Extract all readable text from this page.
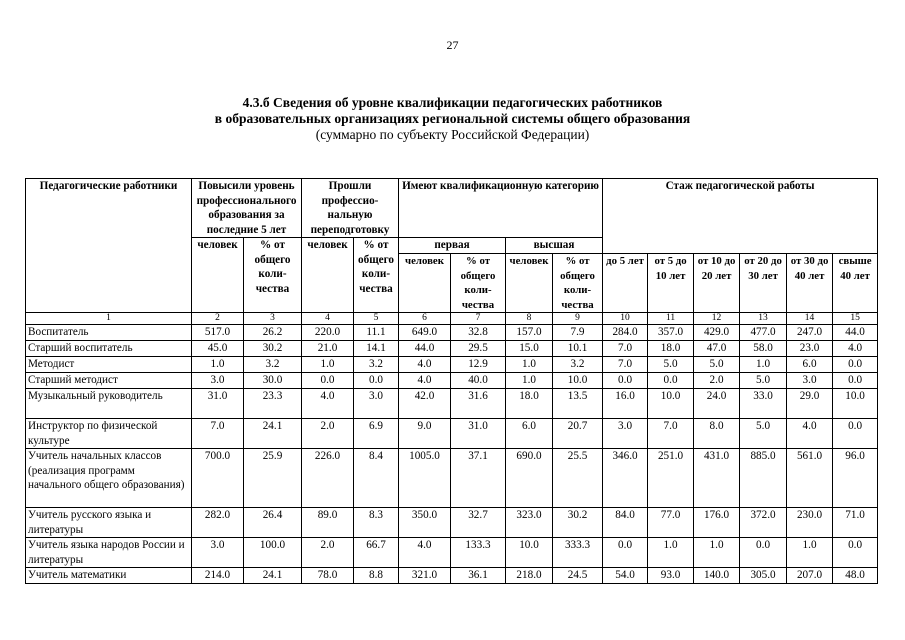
27
4.3.б Сведения об уровне квалификации педагогических работников
в образовательных организациях региональной системы общего образования
(суммарно по субъекту Российской Федерации)
Педагогические работники	Повысили уровень профессионального образования за последние 5 лет		Прошли профессио-нальную переподготовку		Имеют квалификационную категорию				Стаж педагогической работы					
	человек	% от общего коли-чества	человек	% от общего коли-чества	первая		высшая							
					человек	% от общего коли-чества	человек	% от общего коли-чества	до 5 лет	от 5 до 10 лет	от 10 до 20 лет	от 20 до 30 лет	от 30 до 40 лет	свыше 40 лет
1	2	3	4	5	6	7	8	9	10	11	12	13	14	15
Воспитатель	517.0	26.2	220.0	11.1	649.0	32.8	157.0	7.9	284.0	357.0	429.0	477.0	247.0	44.0
Старший воспитатель	45.0	30.2	21.0	14.1	44.0	29.5	15.0	10.1	7.0	18.0	47.0	58.0	23.0	4.0
Методист	1.0	3.2	1.0	3.2	4.0	12.9	1.0	3.2	7.0	5.0	5.0	1.0	6.0	0.0
Старший методист	3.0	30.0	0.0	0.0	4.0	40.0	1.0	10.0	0.0	0.0	2.0	5.0	3.0	0.0
Музыкальный руководитель	31.0	23.3	4.0	3.0	42.0	31.6	18.0	13.5	16.0	10.0	24.0	33.0	29.0	10.0
Инструктор по физической культуре	7.0	24.1	2.0	6.9	9.0	31.0	6.0	20.7	3.0	7.0	8.0	5.0	4.0	0.0
Учитель начальных классов (реализация программ начального общего образования)	700.0	25.9	226.0	8.4	1005.0	37.1	690.0	25.5	346.0	251.0	431.0	885.0	561.0	96.0
Учитель русского языка и литературы	282.0	26.4	89.0	8.3	350.0	32.7	323.0	30.2	84.0	77.0	176.0	372.0	230.0	71.0
Учитель языка народов России и литературы	3.0	100.0	2.0	66.7	4.0	133.3	10.0	333.3	0.0	1.0	1.0	0.0	1.0	0.0
Учитель математики	214.0	24.1	78.0	8.8	321.0	36.1	218.0	24.5	54.0	93.0	140.0	305.0	207.0	48.0
